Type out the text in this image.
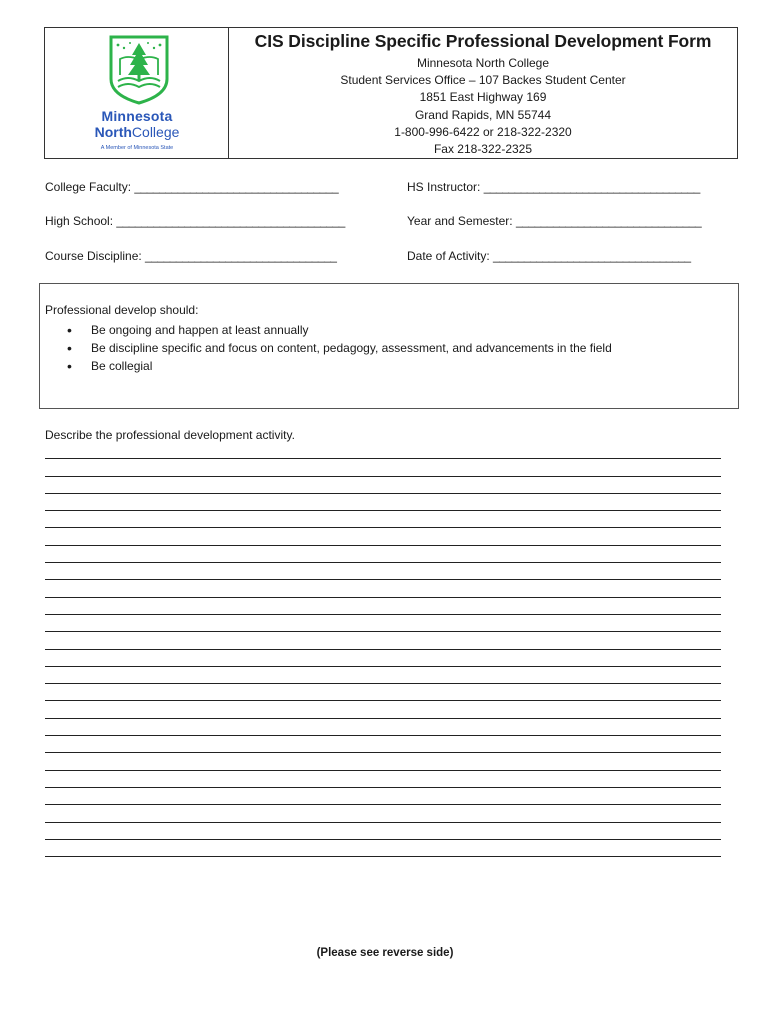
Minnesota
NorthCollege
A Member of Minnesota State
CIS Discipline Specific Professional Development Form
Minnesota North College
Student Services Office – 107 Backes Student Center
1851 East Highway 169
Grand Rapids, MN 55744
1-800-996-6422 or 218-322-2320
Fax 218-322-2325
College Faculty: _________________________________	HS Instructor: ___________________________________
High School: _____________________________________	Year and Semester: ______________________________
Course Discipline: _______________________________	Date of Activity: ________________________________
Professional develop should:
• Be ongoing and happen at least annually
• Be discipline specific and focus on content, pedagogy, assessment, and advancements in the field
• Be collegial
Describe the professional development activity.
(Please see reverse side)
